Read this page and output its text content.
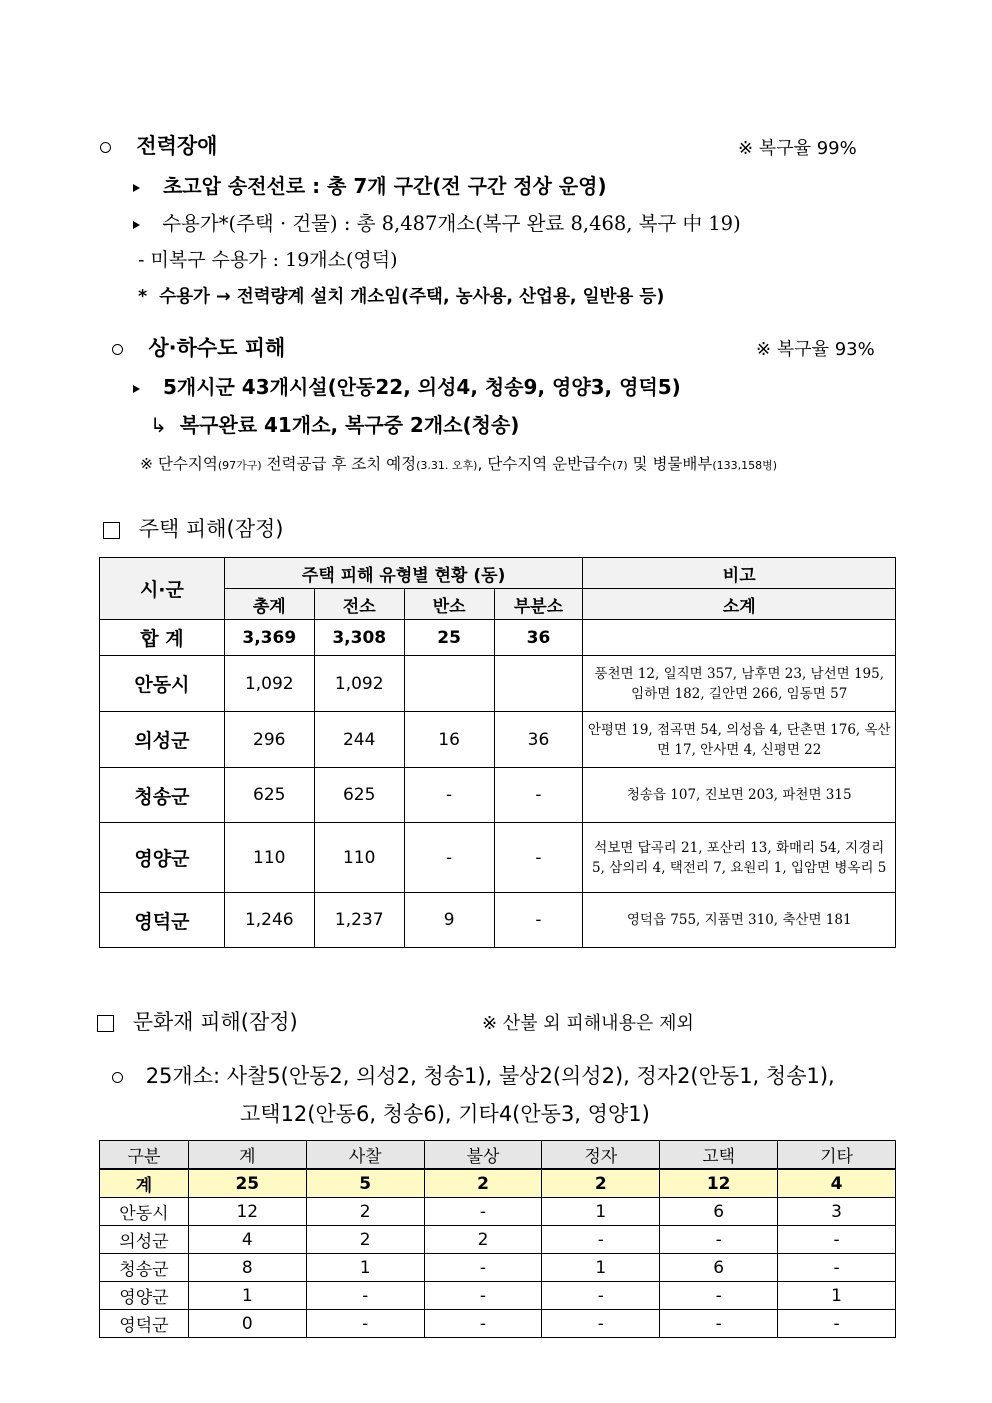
전력장애	※ 복구율 99%
초고압 송전선로 : 총 7개 구간(전 구간 정상 운영)
수용가*(주택 · 건물) : 총 8,487개소(복구 완료 8,468, 복구 中 19)
- 미복구 수용가 : 19개소(영덕)
* 수용가 → 전력량계 설치 개소임(주택, 농사용, 산업용, 일반용 등)
상·하수도 피해	※ 복구율 93%
5개시군 43개시설(안동22, 의성4, 청송9, 영양3, 영덕5)
↳ 복구완료 41개소, 복구중 2개소(청송)
※ 단수지역(97가구) 전력공급 후 조치 예정(3.31. 오후), 단수지역 운반급수(7) 및 병물배부(133,158병)
주택 피해(잠정)
시·군	주택 피해 유형별 현황 (동)				비고
	총계	전소	반소	부분소	소계
합 계	3,369	3,308	25	36	
안동시	1,092	1,092			풍천면 12, 일직면 357, 남후면 23, 남선면 195, 임하면 182, 길안면 266, 임동면 57
의성군	296	244	16	36	안평면 19, 점곡면 54, 의성읍 4, 단촌면 176, 옥산면 17, 안사면 4, 신평면 22
청송군	625	625	-	-	청송읍 107, 진보면 203, 파천면 315
영양군	110	110	-	-	석보면 답곡리 21, 포산리 13, 화매리 54, 지경리 5, 삼의리 4, 택전리 7, 요원리 1, 입암면 병옥리 5
영덕군	1,246	1,237	9	-	영덕읍 755, 지품면 310, 축산면 181
문화재 피해(잠정)	※ 산불 외 피해내용은 제외
25개소: 사찰5(안동2, 의성2, 청송1), 불상2(의성2), 정자2(안동1, 청송1),
고택12(안동6, 청송6), 기타4(안동3, 영양1)
구분	계	사찰	불상	정자	고택	기타
계	25	5	2	2	12	4
안동시	12	2	-	1	6	3
의성군	4	2	2	-	-	-
청송군	8	1	-	1	6	-
영양군	1	-	-	-	-	1
영덕군	0	-	-	-	-	-
